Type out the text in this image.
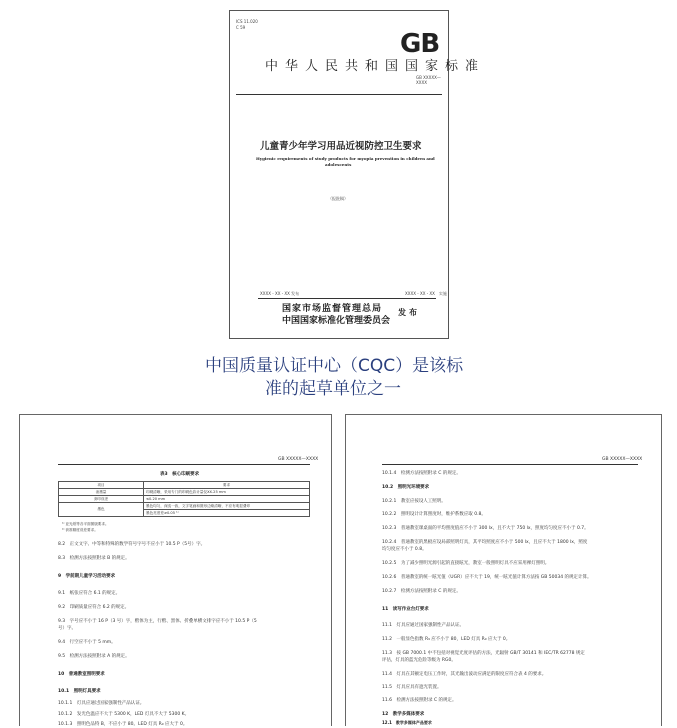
ICS 11.020
C 59
GB
中华人民共和国国家标准
GB XXXXX—XXXX
儿童青少年学习用品近视防控卫生要求
Hygienic requirements of study products for myopia prevention in children and
adolescents
（报批稿）
XXXX - XX - XX 发布	XXXX - XX - XX　实施
国家市场监督管理总局
中国国家标准化管理委员会
发布
中国质量认证中心（CQC）是该标
准的起草单位之一
GB XXXXX—XXXX
表3　核心印刷要求
项目	要求
油墨量	印刷清晰，采用专门的印刷色彩计量仪XX.25 mm
套印误差	≤0.20 mm
墨色	墨色均匀，深浅一致，文字笔画和图形边缘清晰，不应有明显叠印
	墨色亮度差≥0.05 ¹⁾
¹⁾ 亚光纸等各平面图版要求。
²⁾ 套准精度误差要求。
8.2　正文文字、中等和特殊的数学符号字号不应小于 10.5 P（5号）字。
8.3　检测方法按照附录 B 的规定。
9　学前期儿童学习活动要求
9.1　纸张应符合 6.1 的规定。
9.2　印刷质量应符合 6.2 的规定。
9.3　字号应不小于 16 P（3 号）字，楷体为主，行楷、黑体、折叠单横文排字应不小于 10.5 P（5
号）字。
9.4　行空应不小于 5 mm。
9.5　检测方法按照附录 A 的规定。
10　普通教室照明要求
10.1　照明灯具要求
10.1.1　灯具应通过国家强制性产品认证。
10.1.2　发光色温应不大于 5300 K，LED 灯具不大于 5300 K。
10.1.3　照明色品特 B，不应小于 80。LED 灯具 R₉ 应大于 0。
GB XXXXX—XXXX
10.1.4　检测方法按照附录 C 的规定。
10.2　照明光环境要求
10.2.1　教室应按设人工照明。
10.2.2　照明设计计算照度时，维护系数应取 0.8。
10.2.3　普通教室课桌面的平均照度值应不小于 300 lx，且不大于 750 lx，照度均匀度应不小于 0.7。
10.2.4　普通教室的黑板应设局部照明灯具，其平均照度应不小于 500 lx，且应不大于 1800 lx，照度
均匀度应不小于 0.8。
10.2.5　为了减少照明光源引起的直接眩光，教室一般照明灯具不应采用裸灯照明。
10.2.6　普通教室的统一眩光值（UGR）应不大于 19，统一眩光值计算方法按 GB 50034 的规定计算。
10.2.7　检测方法按照附录 C 的规定。
11　读写作业台灯要求
11.1　灯具应通过国家强制性产品认证。
11.2　一般显色指数 R₉ 应不小于 80，LED 灯具 R₉ 应大于 0。
11.3　按 GB 7000.1 中不包括对视觉光度评估的方法，光辐射 GB/T 30141 和 IEC/TR 62778 规定
评估，灯具的蓝光危险等级为 RG0。
11.4　灯具在其额定电压工作时，其光输出波动应满足的限度应符合表 4 的要求。
11.5　灯具应具有遮光装置。
11.6　检测方法按照附录 C 的规定。
12　教学多媒体要求
12.1　教学多媒体产品要求
